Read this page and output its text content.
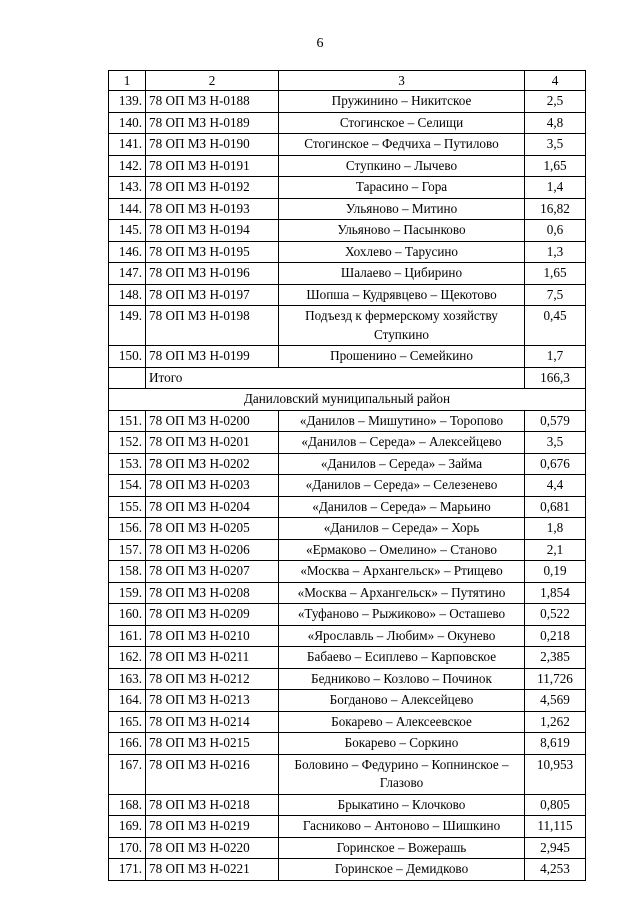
6
1	2	3	4
139.	78 ОП МЗ Н-0188	Пружинино – Никитское	2,5
140.	78 ОП МЗ Н-0189	Стогинское – Селищи	4,8
141.	78 ОП МЗ Н-0190	Стогинское – Федчиха – Путилово	3,5
142.	78 ОП МЗ Н-0191	Ступкино – Лычево	1,65
143.	78 ОП МЗ Н-0192	Тарасино – Гора	1,4
144.	78 ОП МЗ Н-0193	Ульяново – Митино	16,82
145.	78 ОП МЗ Н-0194	Ульяново – Пасынково	0,6
146.	78 ОП МЗ Н-0195	Хохлево – Тарусино	1,3
147.	78 ОП МЗ Н-0196	Шалаево – Цибирино	1,65
148.	78 ОП МЗ Н-0197	Шопша – Кудрявцево – Щекотово	7,5
149.	78 ОП МЗ Н-0198	Подъезд к фермерскому хозяйству Ступкино	0,45
150.	78 ОП МЗ Н-0199	Прошенино – Семейкино	1,7
	Итого		166,3
Даниловский муниципальный район			
151.	78 ОП МЗ Н-0200	«Данилов – Мишутино» – Торопово	0,579
152.	78 ОП МЗ Н-0201	«Данилов – Середа» – Алексейцево	3,5
153.	78 ОП МЗ Н-0202	«Данилов – Середа» – Займа	0,676
154.	78 ОП МЗ Н-0203	«Данилов – Середа» – Селезенево	4,4
155.	78 ОП МЗ Н-0204	«Данилов – Середа» – Марьино	0,681
156.	78 ОП МЗ Н-0205	«Данилов – Середа» – Хорь	1,8
157.	78 ОП МЗ Н-0206	«Ермаково – Омелино» – Станово	2,1
158.	78 ОП МЗ Н-0207	«Москва – Архангельск» – Ртищево	0,19
159.	78 ОП МЗ Н-0208	«Москва – Архангельск» – Путятино	1,854
160.	78 ОП МЗ Н-0209	«Туфаново – Рыжиково» – Осташево	0,522
161.	78 ОП МЗ Н-0210	«Ярославль – Любим» – Окунево	0,218
162.	78 ОП МЗ Н-0211	Бабаево – Есиплево – Карповское	2,385
163.	78 ОП МЗ Н-0212	Бедниково – Козлово – Починок	11,726
164.	78 ОП МЗ Н-0213	Богданово – Алексейцево	4,569
165.	78 ОП МЗ Н-0214	Бокарево – Алексеевское	1,262
166.	78 ОП МЗ Н-0215	Бокарево – Соркино	8,619
167.	78 ОП МЗ Н-0216	Боловино – Федурино – Копнинское – Глазово	10,953
168.	78 ОП МЗ Н-0218	Брыкатино – Клочково	0,805
169.	78 ОП МЗ Н-0219	Гасниково – Антоново – Шишкино	11,115
170.	78 ОП МЗ Н-0220	Горинское – Вожерашь	2,945
171.	78 ОП МЗ Н-0221	Горинское – Демидково	4,253
